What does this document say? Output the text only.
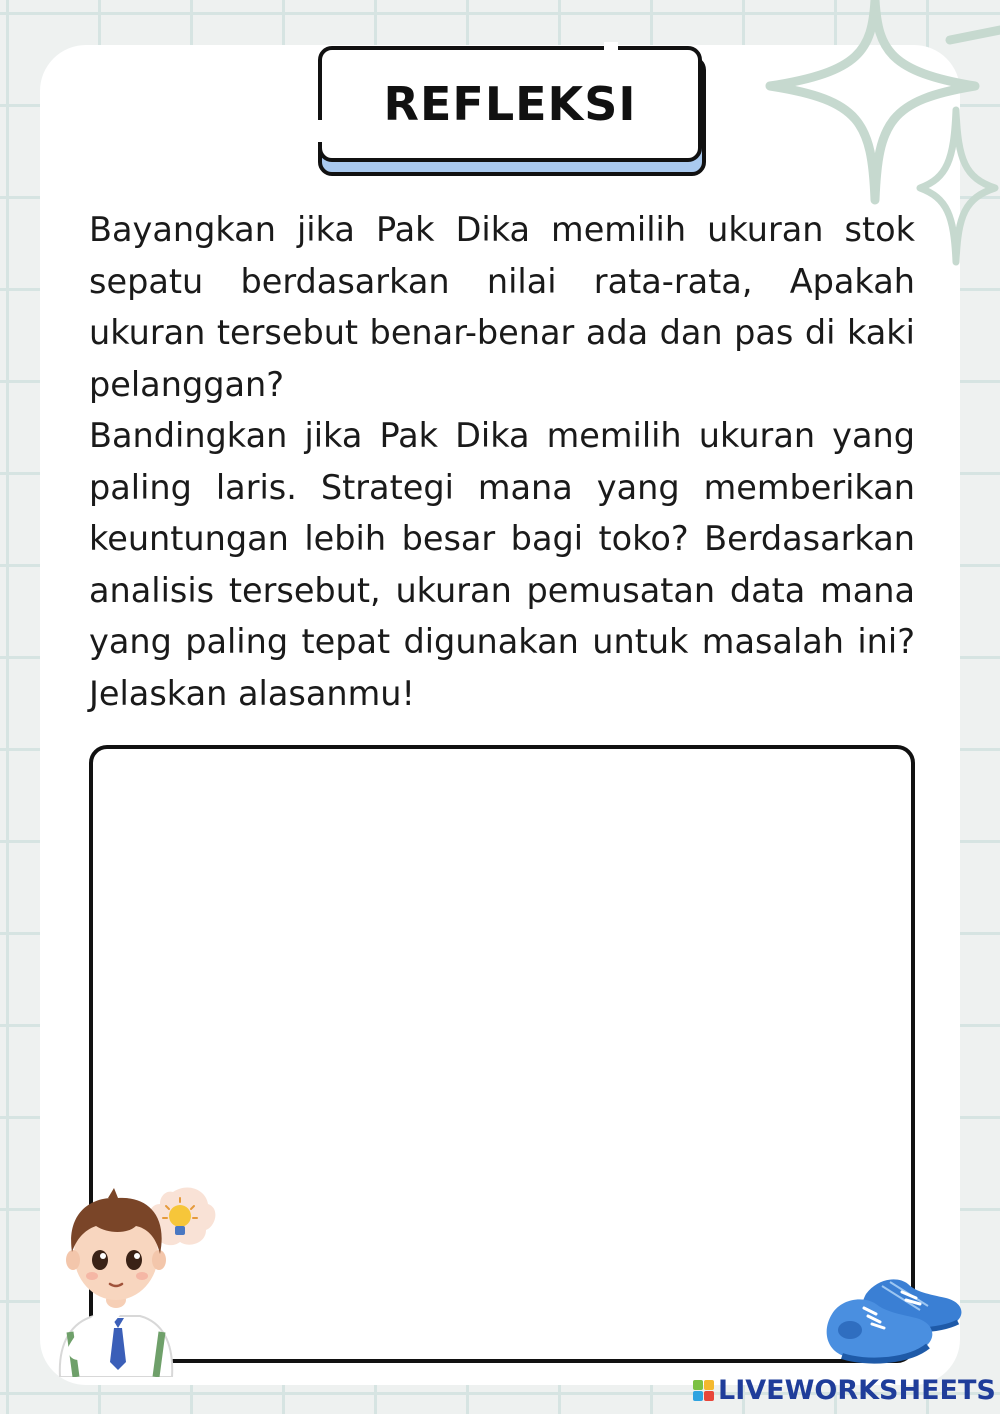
REFLEKSI

Bayangkan jika Pak Dika memilih ukuran stok sepatu berdasarkan nilai rata-rata, Apakah ukuran tersebut benar-benar ada dan pas di kaki pelanggan?

Bandingkan jika Pak Dika memilih ukuran yang paling laris. Strategi mana yang memberikan keuntungan lebih besar bagi toko? Berdasarkan analisis tersebut, ukuran pemusatan data mana yang paling tepat digunakan untuk masalah ini? Jelaskan alasanmu!

LIVEWORKSHEETS
